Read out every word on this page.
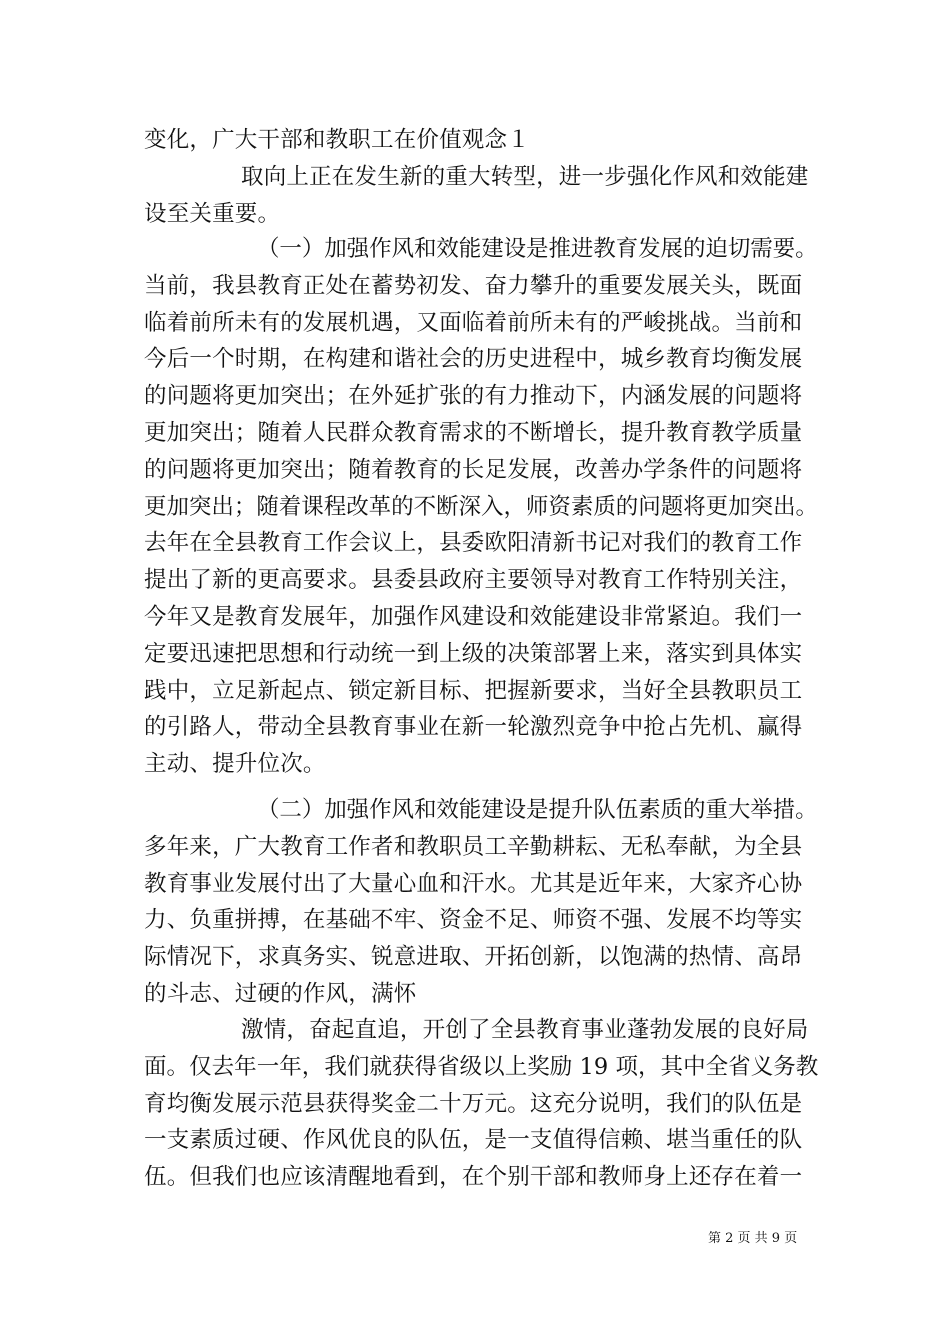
变化，广大干部和教职工在价值观念１
取向上正在发生新的重大转型，进一步强化作风和效能建
设至关重要。
（一）加强作风和效能建设是推进教育发展的迫切需要。
当前，我县教育正处在蓄势初发、奋力攀升的重要发展关头，既面
临着前所未有的发展机遇，又面临着前所未有的严峻挑战。当前和
今后一个时期，在构建和谐社会的历史进程中，城乡教育均衡发展
的问题将更加突出；在外延扩张的有力推动下，内涵发展的问题将
更加突出；随着人民群众教育需求的不断增长，提升教育教学质量
的问题将更加突出；随着教育的长足发展，改善办学条件的问题将
更加突出；随着课程改革的不断深入，师资素质的问题将更加突出。
去年在全县教育工作会议上，县委欧阳清新书记对我们的教育工作
提出了新的更高要求。县委县政府主要领导对教育工作特别关注，
今年又是教育发展年，加强作风建设和效能建设非常紧迫。我们一
定要迅速把思想和行动统一到上级的决策部署上来，落实到具体实
践中，立足新起点、锁定新目标、把握新要求，当好全县教职员工
的引路人，带动全县教育事业在新一轮激烈竞争中抢占先机、赢得
主动、提升位次。
（二）加强作风和效能建设是提升队伍素质的重大举措。
多年来，广大教育工作者和教职员工辛勤耕耘、无私奉献，为全县
教育事业发展付出了大量心血和汗水。尤其是近年来，大家齐心协
力、负重拼搏，在基础不牢、资金不足、师资不强、发展不均等实
际情况下，求真务实、锐意进取、开拓创新，以饱满的热情、高昂
的斗志、过硬的作风，满怀
激情，奋起直追，开创了全县教育事业蓬勃发展的良好局
面。仅去年一年，我们就获得省级以上奖励 19 项，其中全省义务教
育均衡发展示范县获得奖金二十万元。这充分说明，我们的队伍是
一支素质过硬、作风优良的队伍，是一支值得信赖、堪当重任的队
伍。但我们也应该清醒地看到，在个别干部和教师身上还存在着一
第 2 页 共 9 页
